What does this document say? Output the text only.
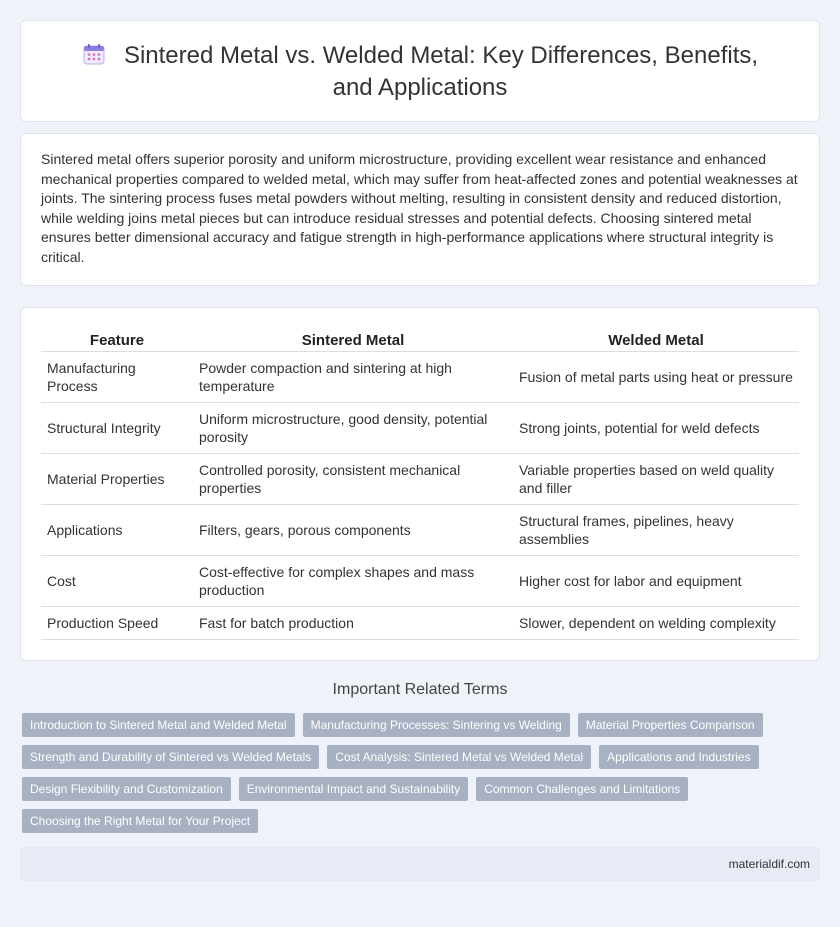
Sintered Metal vs. Welded Metal: Key Differences, Benefits, and Applications

Sintered metal offers superior porosity and uniform microstructure, providing excellent wear resistance and enhanced mechanical properties compared to welded metal, which may suffer from heat-affected zones and potential weaknesses at joints. The sintering process fuses metal powders without melting, resulting in consistent density and reduced distortion, while welding joins metal pieces but can introduce residual stresses and potential defects. Choosing sintered metal ensures better dimensional accuracy and fatigue strength in high-performance applications where structural integrity is critical.

Feature	Sintered Metal	Welded Metal
Manufacturing Process	Powder compaction and sintering at high temperature	Fusion of metal parts using heat or pressure
Structural Integrity	Uniform microstructure, good density, potential porosity	Strong joints, potential for weld defects
Material Properties	Controlled porosity, consistent mechanical properties	Variable properties based on weld quality and filler
Applications	Filters, gears, porous components	Structural frames, pipelines, heavy assemblies
Cost	Cost-effective for complex shapes and mass production	Higher cost for labor and equipment
Production Speed	Fast for batch production	Slower, dependent on welding complexity
Important Related Terms
Introduction to Sintered Metal and Welded Metal	Manufacturing Processes: Sintering vs Welding	Material Properties Comparison
Strength and Durability of Sintered vs Welded Metals	Cost Analysis: Sintered Metal vs Welded Metal	Applications and Industries
Design Flexibility and Customization	Environmental Impact and Sustainability	Common Challenges and Limitations
Choosing the Right Metal for Your Project
materialdif.com
